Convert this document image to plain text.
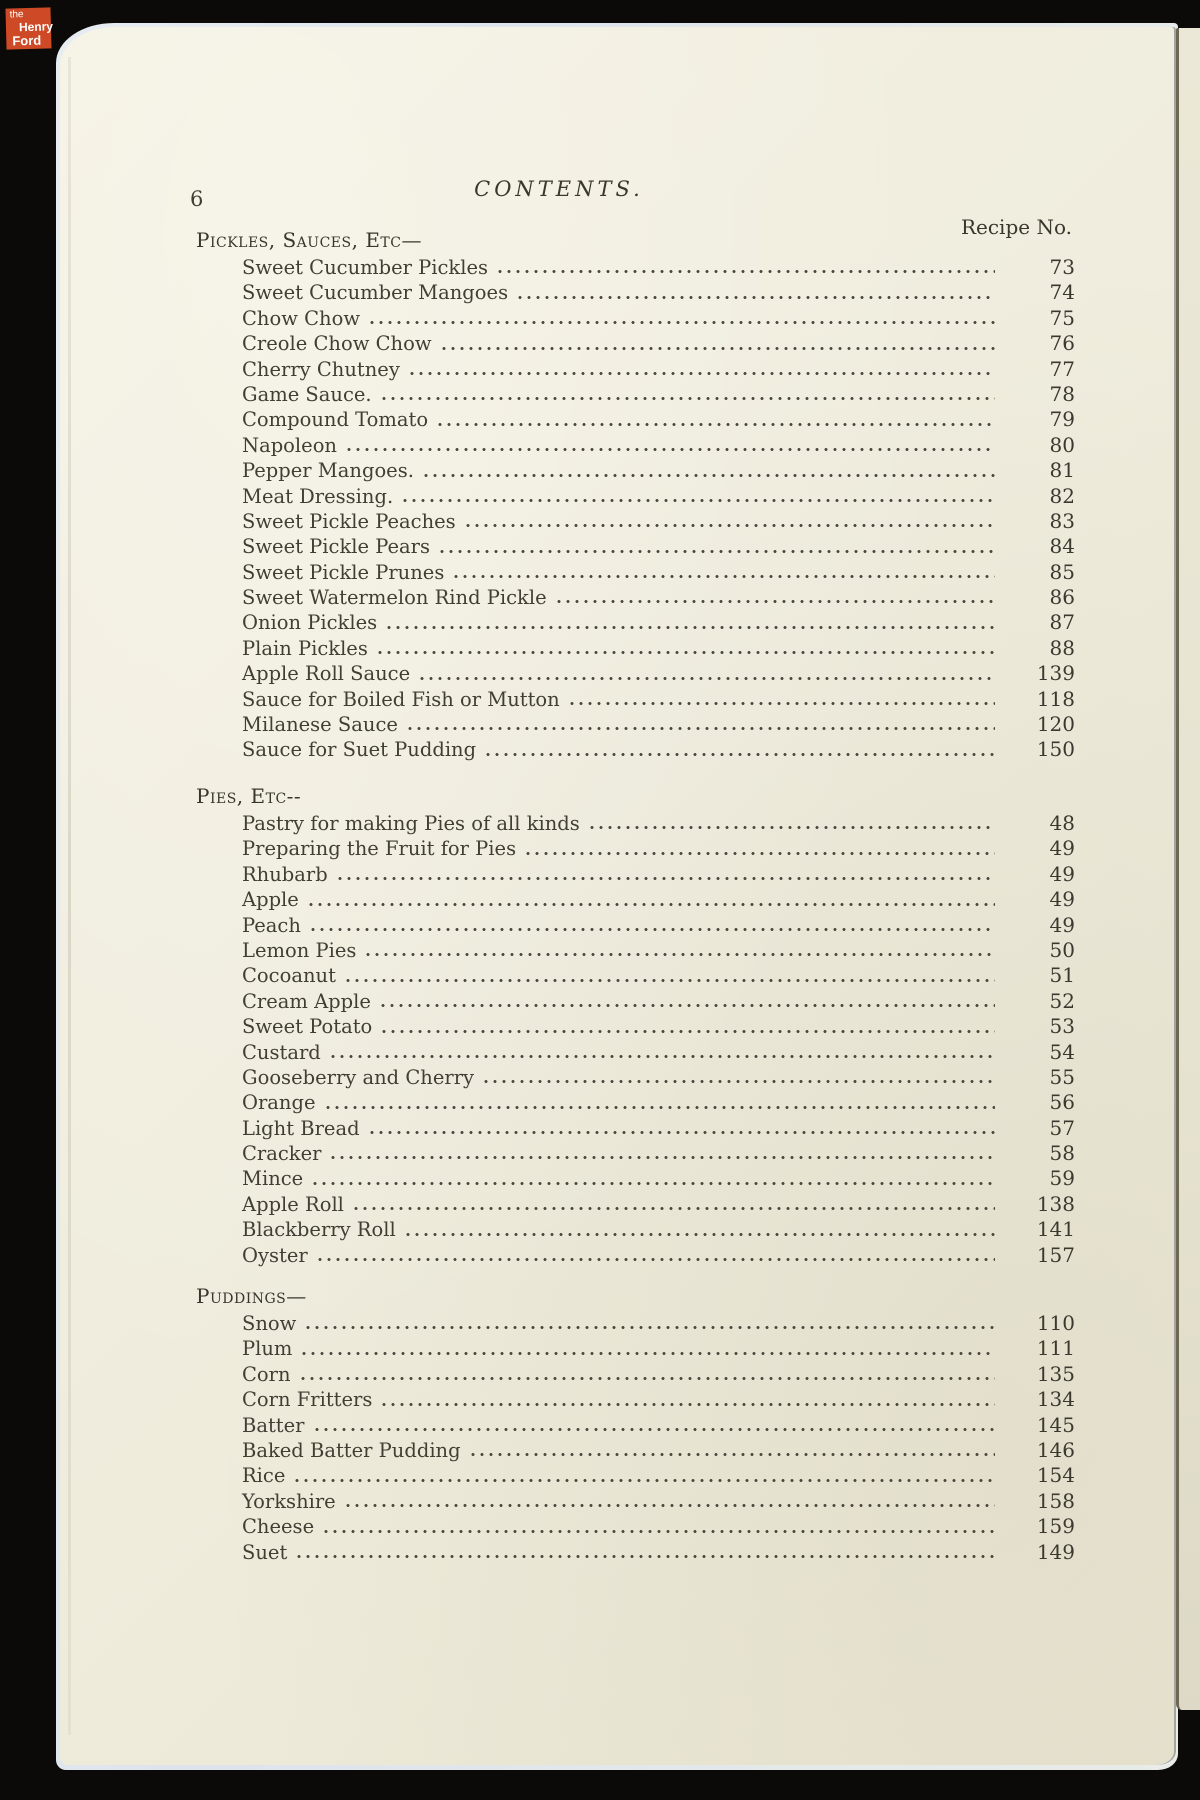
6	CONTENTS.
Recipe No.
Pickles, Sauces, Etc—
Sweet Cucumber Pickles	73
Sweet Cucumber Mangoes	74
Chow Chow	75
Creole Chow Chow	76
Cherry Chutney	77
Game Sauce.	78
Compound Tomato	79
Napoleon	80
Pepper Mangoes.	81
Meat Dressing.	82
Sweet Pickle Peaches	83
Sweet Pickle Pears	84
Sweet Pickle Prunes	85
Sweet Watermelon Rind Pickle	86
Onion Pickles	87
Plain Pickles	88
Apple Roll Sauce	139
Sauce for Boiled Fish or Mutton	118
Milanese Sauce	120
Sauce for Suet Pudding	150
Pies, Etc--
Pastry for making Pies of all kinds	48
Preparing the Fruit for Pies	49
Rhubarb	49
Apple	49
Peach	49
Lemon Pies	50
Cocoanut	51
Cream Apple	52
Sweet Potato	53
Custard	54
Gooseberry and Cherry	55
Orange	56
Light Bread	57
Cracker	58
Mince	59
Apple Roll	138
Blackberry Roll	141
Oyster	157
Puddings—
Snow	110
Plum	111
Corn	135
Corn Fritters	134
Batter	145
Baked Batter Pudding	146
Rice	154
Yorkshire	158
Cheese	159
Suet	149
the
Henry
Ford
